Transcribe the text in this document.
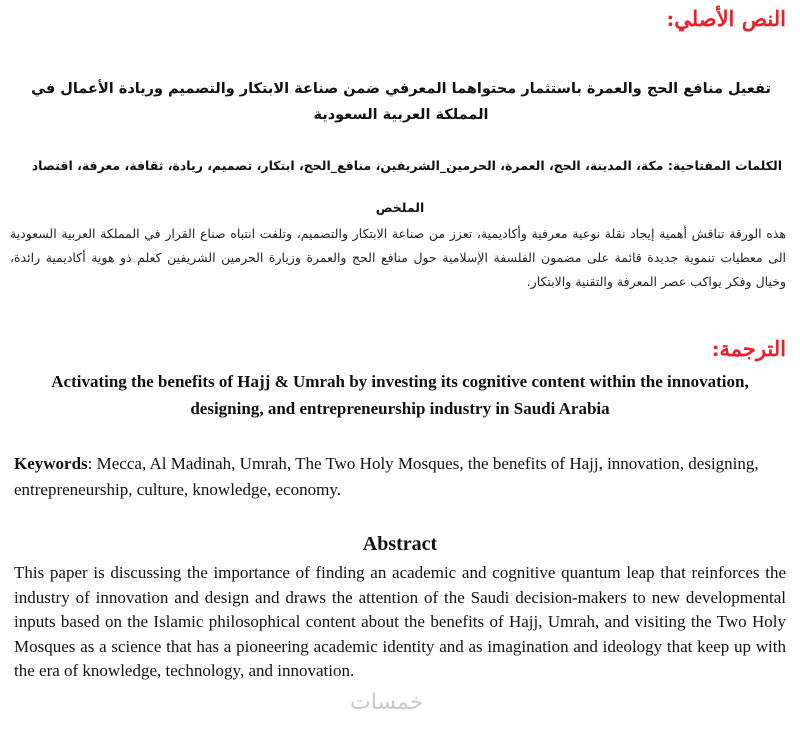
النص الأصلي:
تفعيل منافع الحج والعمرة باستثمار محتواهما المعرفي ضمن صناعة الابتكار والتصميم وريادة الأعمال في المملكة العربية السعودية
الكلمات المفتاحية: مكة، المدينة، الحج، العمرة، الحرمين_الشريفين، منافع_الحج، ابتكار، تصميم، ريادة، ثقافة، معرفة، اقتصاد
الملخص
هذه الورقة تناقش أهمية إيجاد نقلة نوعية معرفية وأكاديمية، تعزز من صناعة الابتكار والتصميم، وتلفت انتباه صناع القرار في المملكة العربية السعودية الى معطيات تنموية جديدة قائمة على مضمون الفلسفة الإسلامية حول منافع الحج والعمرة وزيارة الحرمين الشريفين كعلم ذو هوية أكاديمية رائدة، وخيال وفكر يواكب عصر المعرفة والتقنية والابتكار.
الترجمة:
Activating the benefits of Hajj & Umrah by investing its cognitive content within the innovation, designing, and entrepreneurship industry in Saudi Arabia
Keywords: Mecca, Al Madinah, Umrah, The Two Holy Mosques, the benefits of Hajj, innovation, designing, entrepreneurship, culture, knowledge, economy.
Abstract
This paper is discussing the importance of finding an academic and cognitive quantum leap that reinforces the industry of innovation and design and draws the attention of the Saudi decision-makers to new developmental inputs based on the Islamic philosophical content about the benefits of Hajj, Umrah, and visiting the Two Holy Mosques as a science that has a pioneering academic identity and as imagination and ideology that keep up with the era of knowledge, technology, and innovation.
خمسات
